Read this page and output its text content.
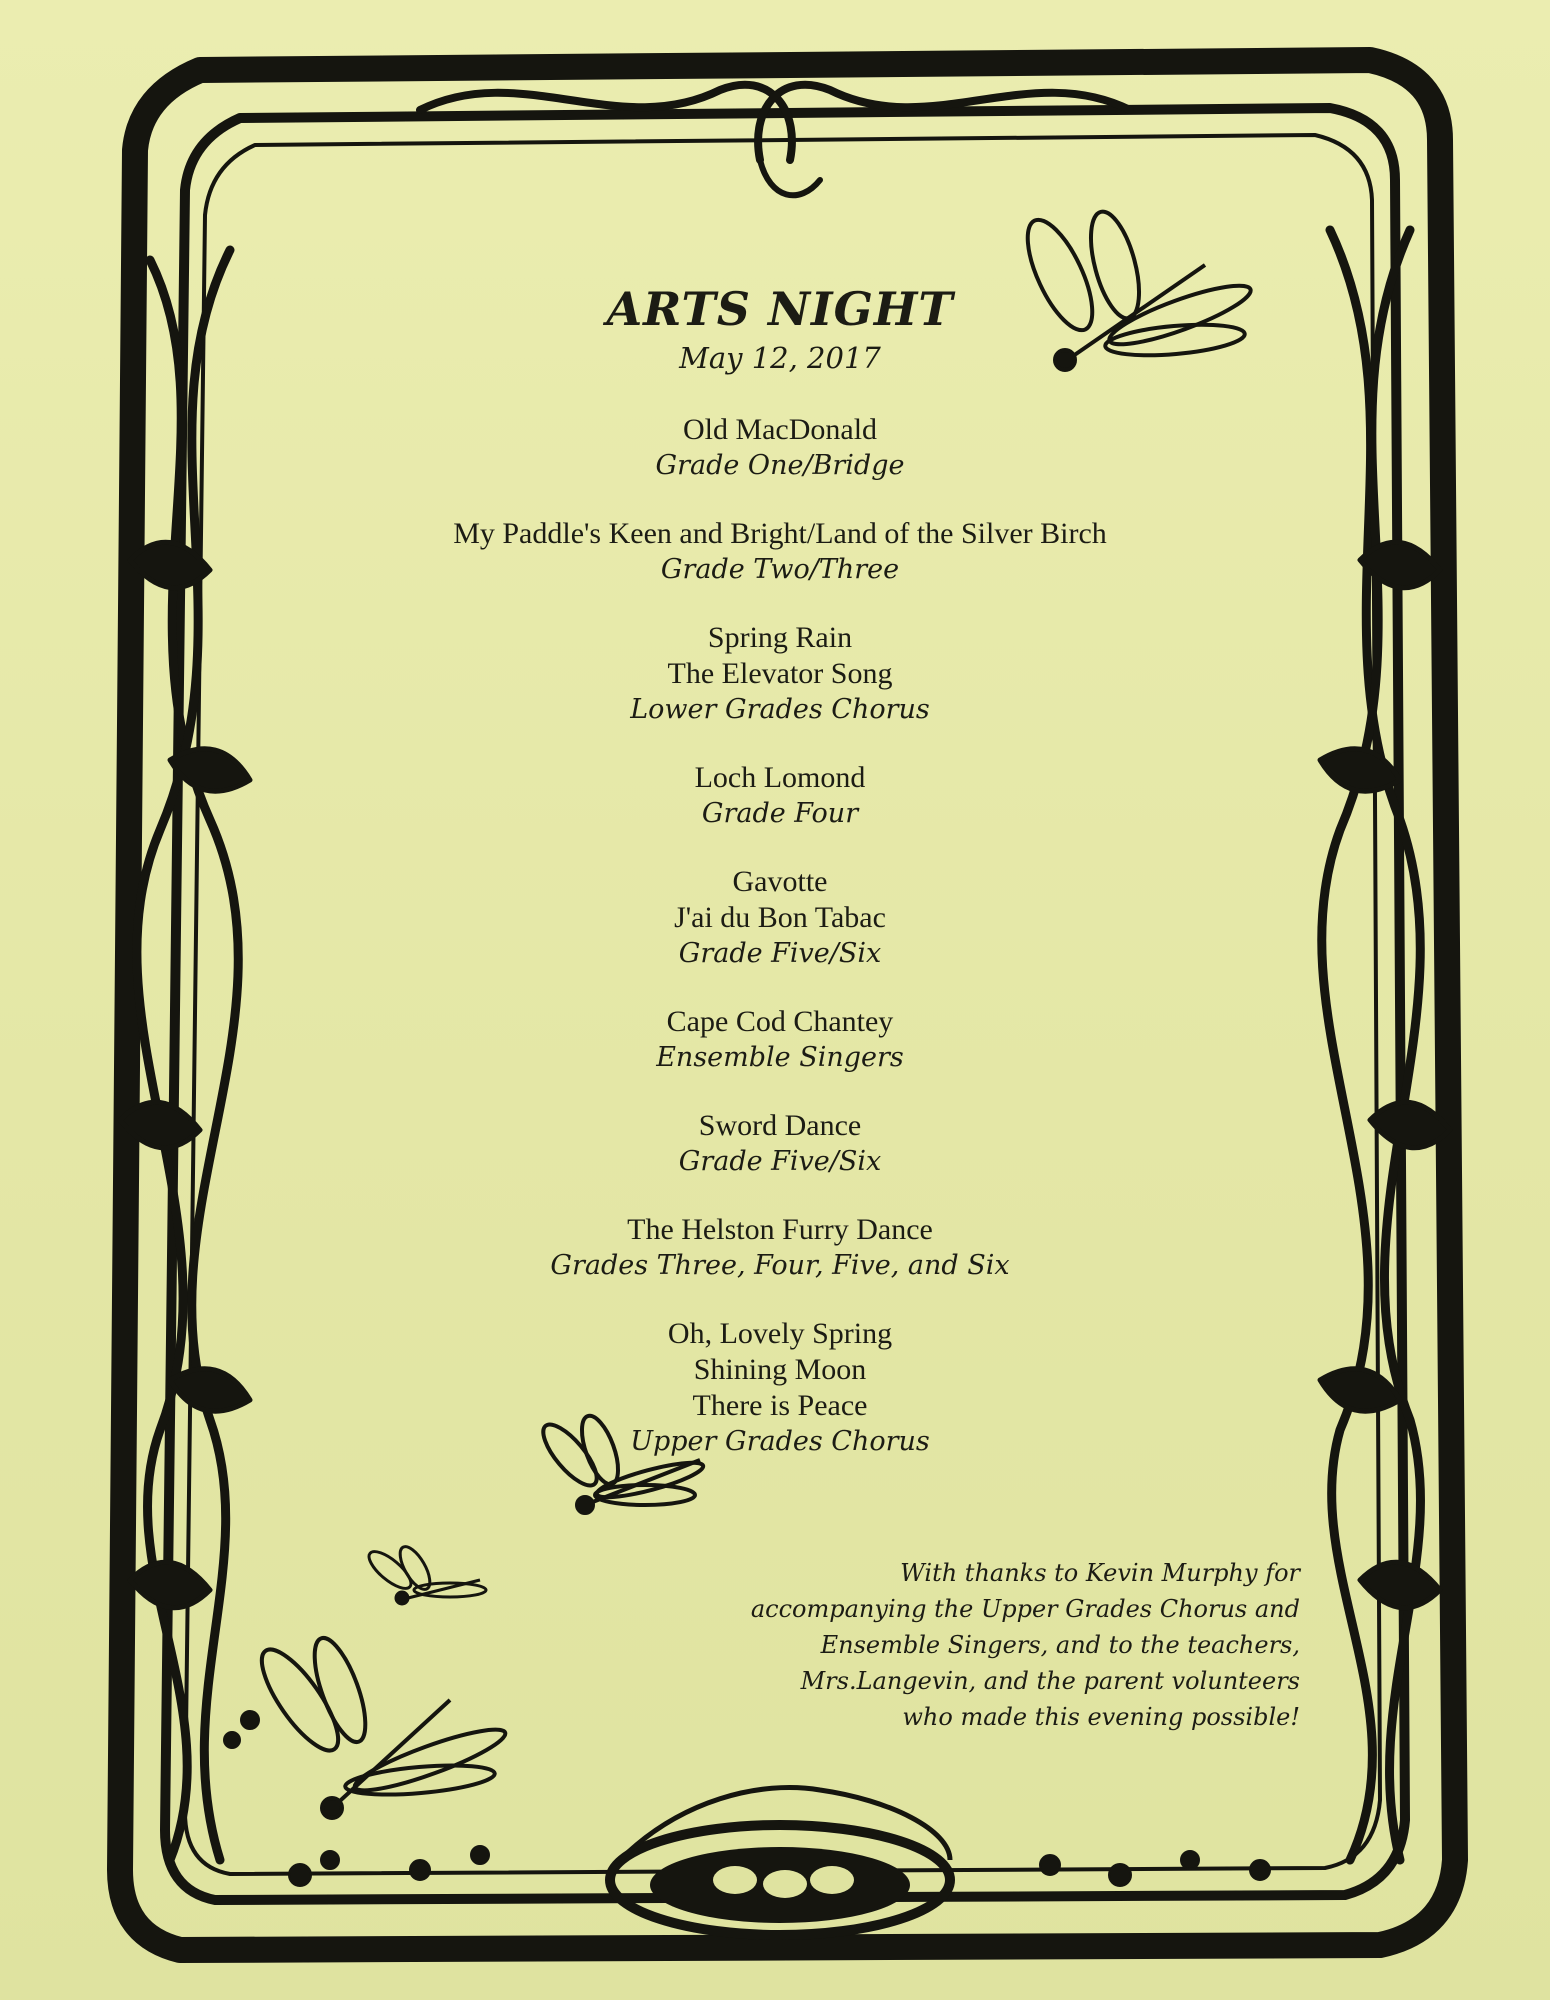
ARTS NIGHT

May 12, 2017

Old MacDonald
Grade One/Bridge
My Paddle's Keen and Bright/Land of the Silver Birch
Grade Two/Three
Spring Rain
The Elevator Song
Lower Grades Chorus
Loch Lomond
Grade Four
Gavotte
J'ai du Bon Tabac
Grade Five/Six
Cape Cod Chantey
Ensemble Singers
Sword Dance
Grade Five/Six
The Helston Furry Dance
Grades Three, Four, Five, and Six
Oh, Lovely Spring
Shining Moon
There is Peace
Upper Grades Chorus
With thanks to Kevin Murphy for
accompanying the Upper Grades Chorus and
Ensemble Singers, and to the teachers,
Mrs.Langevin, and the parent volunteers
who made this evening possible!
